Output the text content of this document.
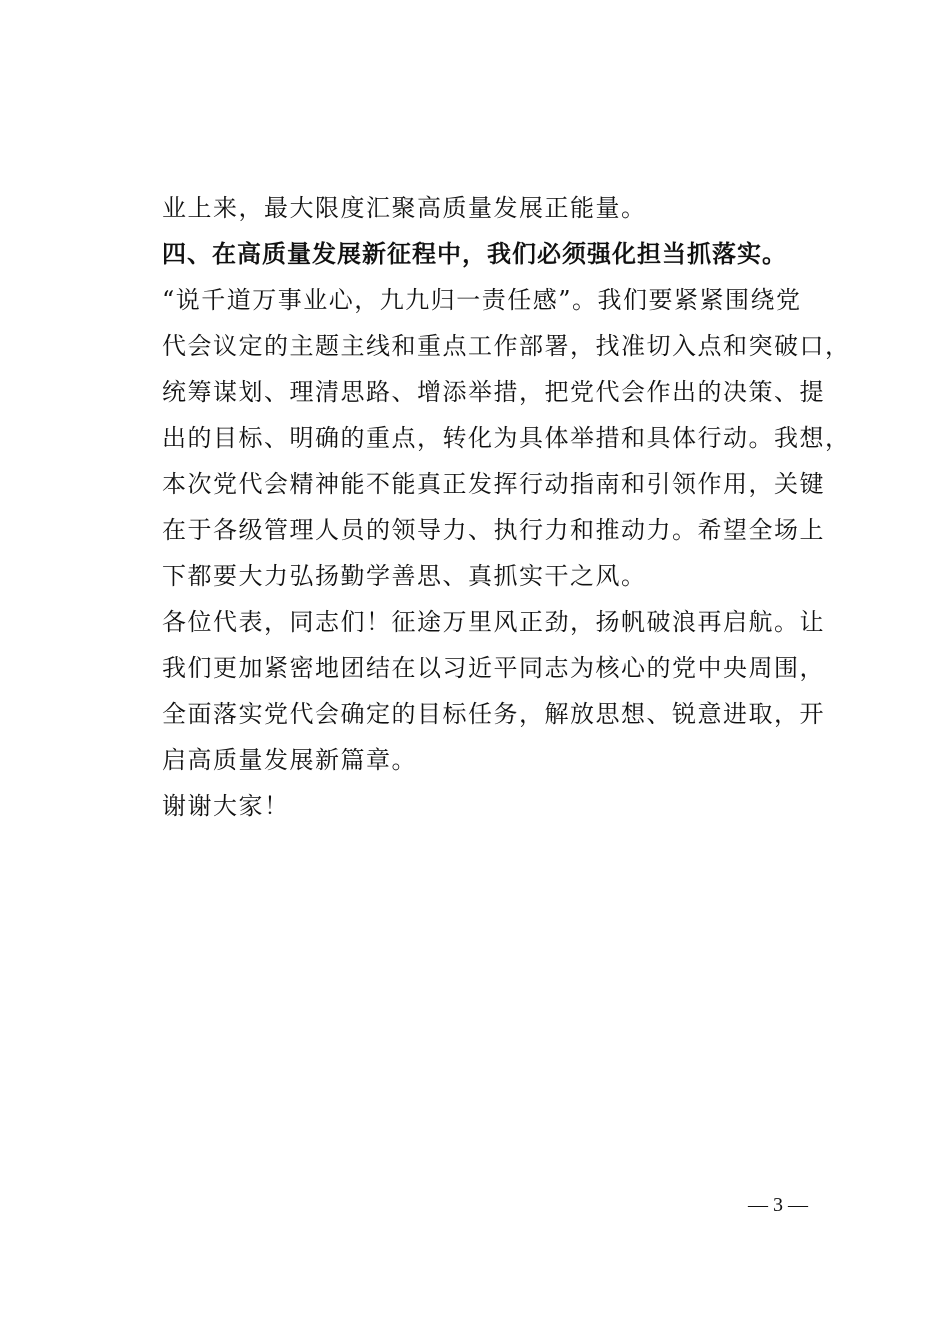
业上来，最大限度汇聚高质量发展正能量。
四、在高质量发展新征程中，我们必须强化担当抓落实。
“说千道万事业心，九九归一责任感”。我们要紧紧围绕党
代会议定的主题主线和重点工作部署，找准切入点和突破口，
统筹谋划、理清思路、增添举措，把党代会作出的决策、提
出的目标、明确的重点，转化为具体举措和具体行动。我想，
本次党代会精神能不能真正发挥行动指南和引领作用，关键
在于各级管理人员的领导力、执行力和推动力。希望全场上
下都要大力弘扬勤学善思、真抓实干之风。
各位代表，同志们！征途万里风正劲，扬帆破浪再启航。让
我们更加紧密地团结在以习近平同志为核心的党中央周围，
全面落实党代会确定的目标任务，解放思想、锐意进取，开
启高质量发展新篇章。
谢谢大家！
— 3 —
